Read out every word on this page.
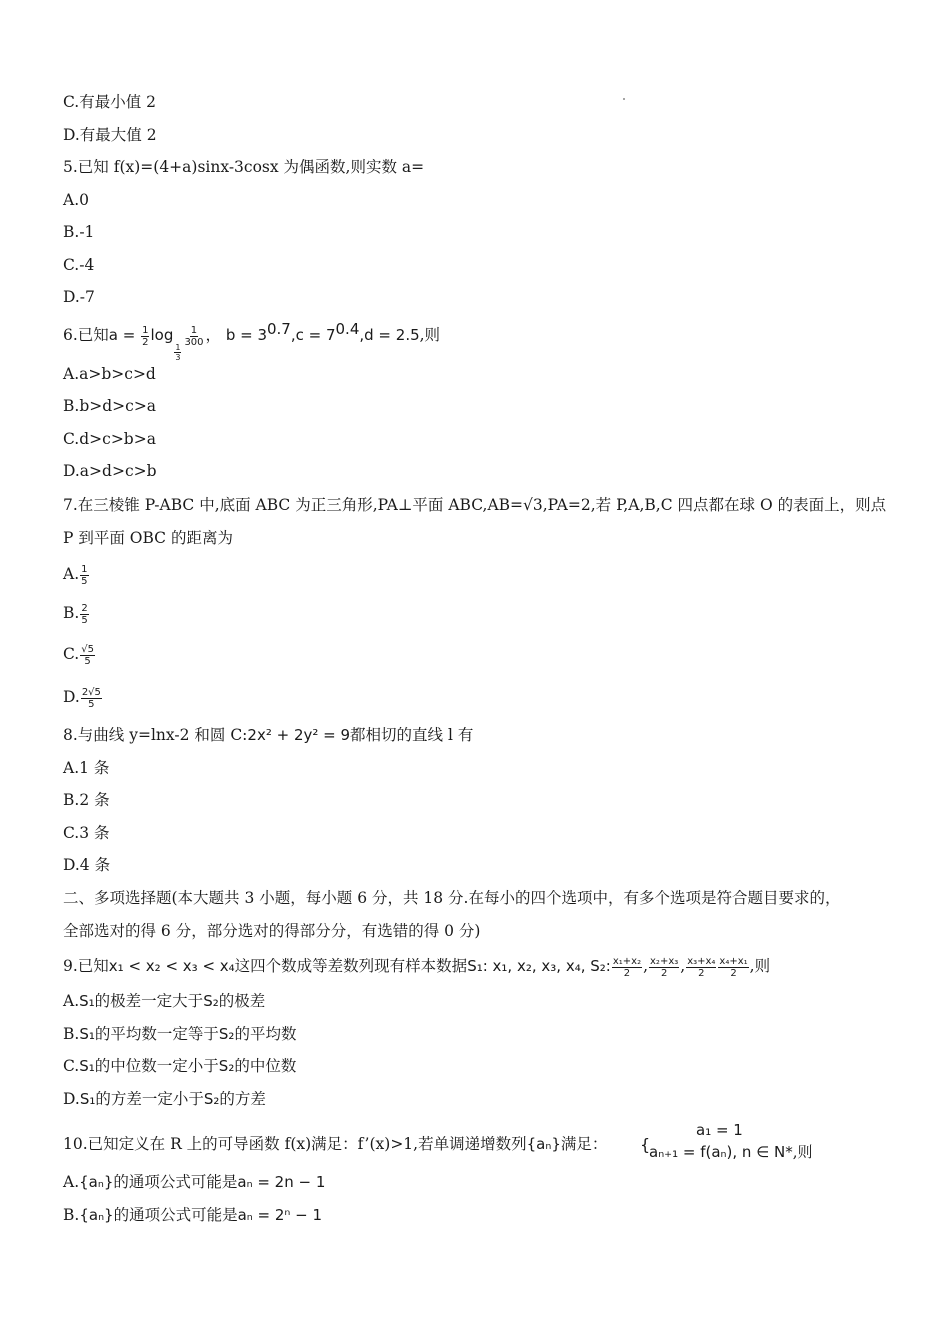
C.有最小值 2
D.有最大值 2
5.已知 f(x)=(4+a)sinx-3cosx 为偶函数,则实数 a=
A.0
B.-1
C.-4
D.-7
6.已知$a = \frac{1}{2}$ log
$\frac{1}{3}$
$\frac{1}{300}$ ， $b = 3^{0.7},c = 7^{0.4},d = 2.5$,则
A.a>b>c>d
B.b>d>c>a
C.d>c>b>a
D.a>d>c>b
7.在三棱锥 P-ABC 中,底面 ABC 为正三角形,PA⊥平面 ABC,AB=√3,PA=2,若 P,A,B,C 四点都在球 O 的表面上，则点
P 到平面 OBC 的距离为
A. $\frac{1}{5}$
B. $\frac{2}{5}$
C. $\frac{√5}{5}$
D. $\frac{2√5}{5}$
8.与曲线 y=lnx-2 和圆 C:2x² + 2y² = 9都相切的直线 l 有
A.1 条
B.2 条
C.3 条
D.4 条
二、多项选择题(本大题共 3 小题，每小题 6 分，共 18 分.在每小的四个选项中，有多个选项是符合题目要求的，
全部选对的得 6 分，部分选对的得部分分，有选错的得 0 分)
9.已知x₁ < x₂ < x₃ < x₄这四个数成等差数列现有样本数据S₁: x₁, x₂, x₃, x₄, S₂: $\frac{\text{x₁+x₂}}{2}$ , $\frac{\text{x₂+x₃}}{2}$ , $\frac{\text{x₃+x₄}}{2} \frac{\text{x₄+x₁}}{2}$ ,则
A.S₁的极差一定大于S₂的极差
B.S₁的平均数一定等于S₂的平均数
C.S₁的中位数一定小于S₂的中位数
D.S₁的方差一定小于S₂的方差
10.已知定义在 R 上的可导函数 f(x)满足：f’(x)>1,若单调递增数列{aₙ}满足： {
a₁ = 1
aₙ₊₁ = f(aₙ), n ∈ N*,则
A.{aₙ}的通项公式可能是aₙ = 2n − 1
B.{aₙ}的通项公式可能是aₙ = 2ⁿ − 1
